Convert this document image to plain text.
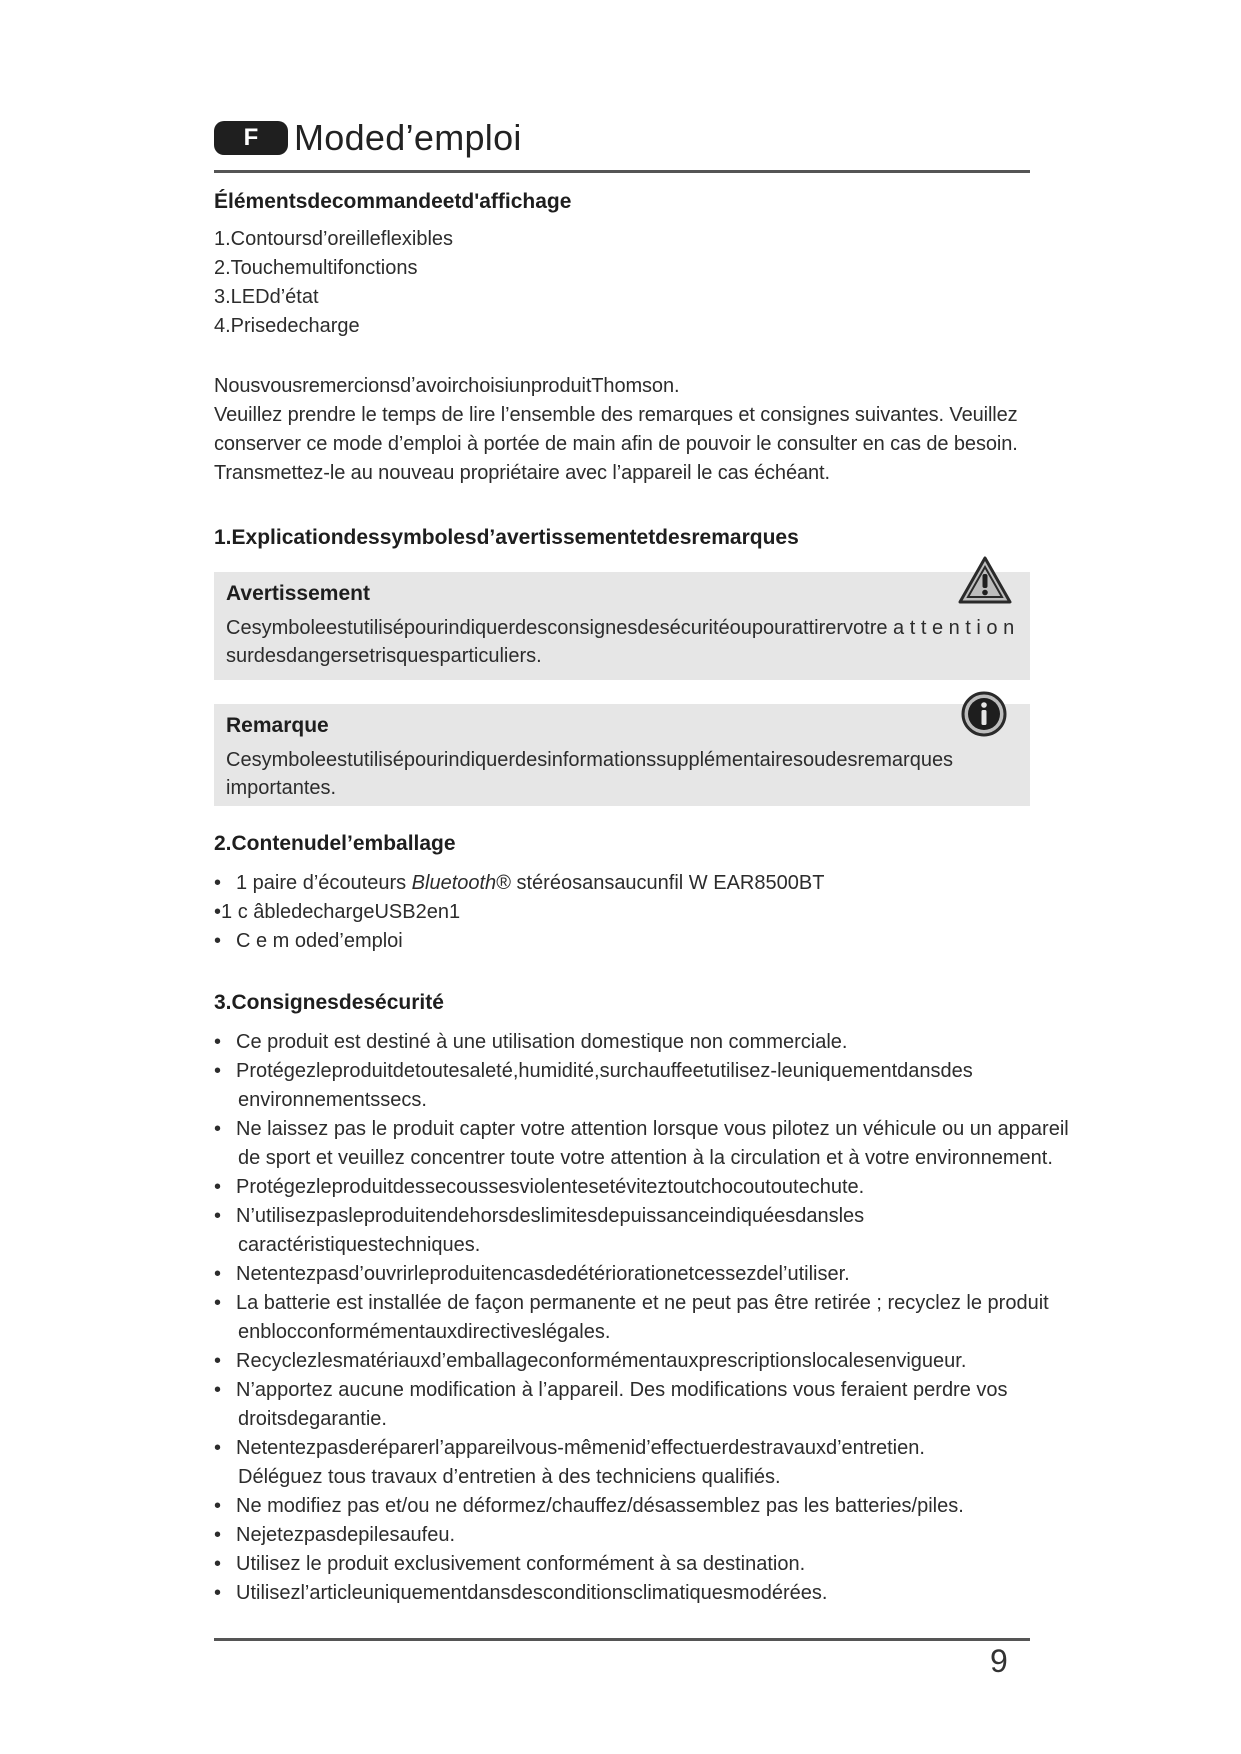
F Moded’emploi
Élémentsdecommandeetd'affichage
1.Contoursd’oreilleflexibles
2.Touchemultifonctions
3.LEDd’état
4.Prisedecharge
NousvousremercionsdʼavoirchoisiunproduitThomson.
Veuillez prendre le temps de lire l’ensemble des remarques et consignes suivantes. Veuillez
conserver ce mode d’emploi à portée de main afin de pouvoir le consulter en cas de besoin.
Transmettez-le au nouveau propriétaire avec l’appareil le cas échéant.
1.Explicationdessymbolesd’avertissementetdesremarques
Avertissement
Cesymboleestutilisépourindiquerdesconsignesdesécuritéoupourattirervotre a t t e n t i o n
surdesdangersetrisquesparticuliers.
Remarque
Cesymboleestutilisépourindiquerdesinformationssupplémentairesoudesremarques
importantes.
2.Contenudel’emballage
• 1 paire d’écouteurs Bluetooth® stéréosansaucunfil W EAR8500BT
•1 c âbledechargeUSB2en1
• C e m oded’emploi
3.Consignesdesécurité
• Ce produit est destiné à une utilisation domestique non commerciale.
• Protégezleproduitdetoutesaleté,humidité,surchauffeetutilisez-leuniquementdansdes
environnementssecs.
• Ne laissez pas le produit capter votre attention lorsque vous pilotez un véhicule ou un appareil
de sport et veuillez concentrer toute votre attention à la circulation et à votre environnement.
• Protégezleproduitdessecoussesviolentesetéviteztoutchocoutoutechute.
• N’utilisezpasleproduitendehorsdeslimitesdepuissanceindiquéesdansles
caractéristiquestechniques.
• Netentezpasd’ouvrirleproduitencasdedétériorationetcessezdel’utiliser.
• La batterie est installée de façon permanente et ne peut pas être retirée ; recyclez le produit
enblocconformémentauxdirectiveslégales.
• Recyclezlesmatériauxd’emballageconformémentauxprescriptionslocalesenvigueur.
• N’apportez aucune modification à l’appareil. Des modifications vous feraient perdre vos
droitsdegarantie.
• Netentezpasderéparerl’appareilvous-mêmenid’effectuerdestravauxd’entretien.
Déléguez tous travaux d’entretien à des techniciens qualifiés.
• Ne modifiez pas et/ou ne déformez/chauffez/désassemblez pas les batteries/piles.
• Nejetezpasdepilesaufeu.
• Utilisez le produit exclusivement conformément à sa destination.
• Utilisezl’articleuniquementdansdesconditionsclimatiquesmodérées.
9
